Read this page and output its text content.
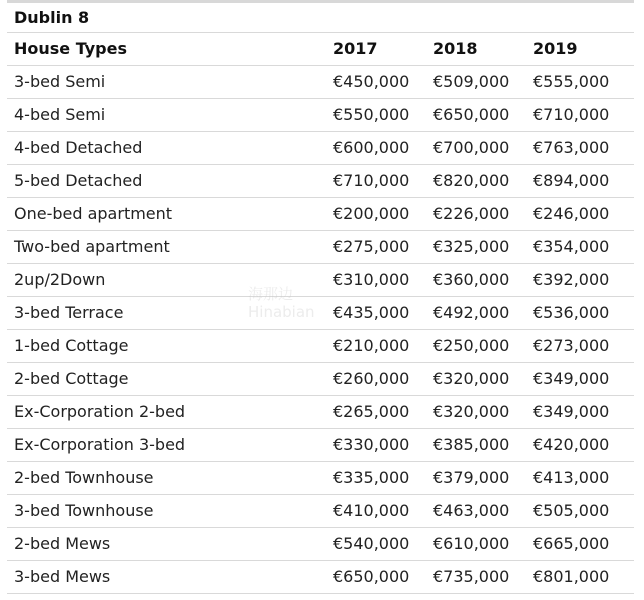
Dublin 8
House Types	2017	2018	2019
3-bed Semi	€450,000	€509,000	€555,000
4-bed Semi	€550,000	€650,000	€710,000
4-bed Detached	€600,000	€700,000	€763,000
5-bed Detached	€710,000	€820,000	€894,000
One-bed apartment	€200,000	€226,000	€246,000
Two-bed apartment	€275,000	€325,000	€354,000
2up/2Down	€310,000	€360,000	€392,000
3-bed Terrace	€435,000	€492,000	€536,000
1-bed Cottage	€210,000	€250,000	€273,000
2-bed Cottage	€260,000	€320,000	€349,000
Ex-Corporation 2-bed	€265,000	€320,000	€349,000
Ex-Corporation 3-bed	€330,000	€385,000	€420,000
2-bed Townhouse	€335,000	€379,000	€413,000
3-bed Townhouse	€410,000	€463,000	€505,000
2-bed Mews	€540,000	€610,000	€665,000
3-bed Mews	€650,000	€735,000	€801,000
海那边
Hinabian
